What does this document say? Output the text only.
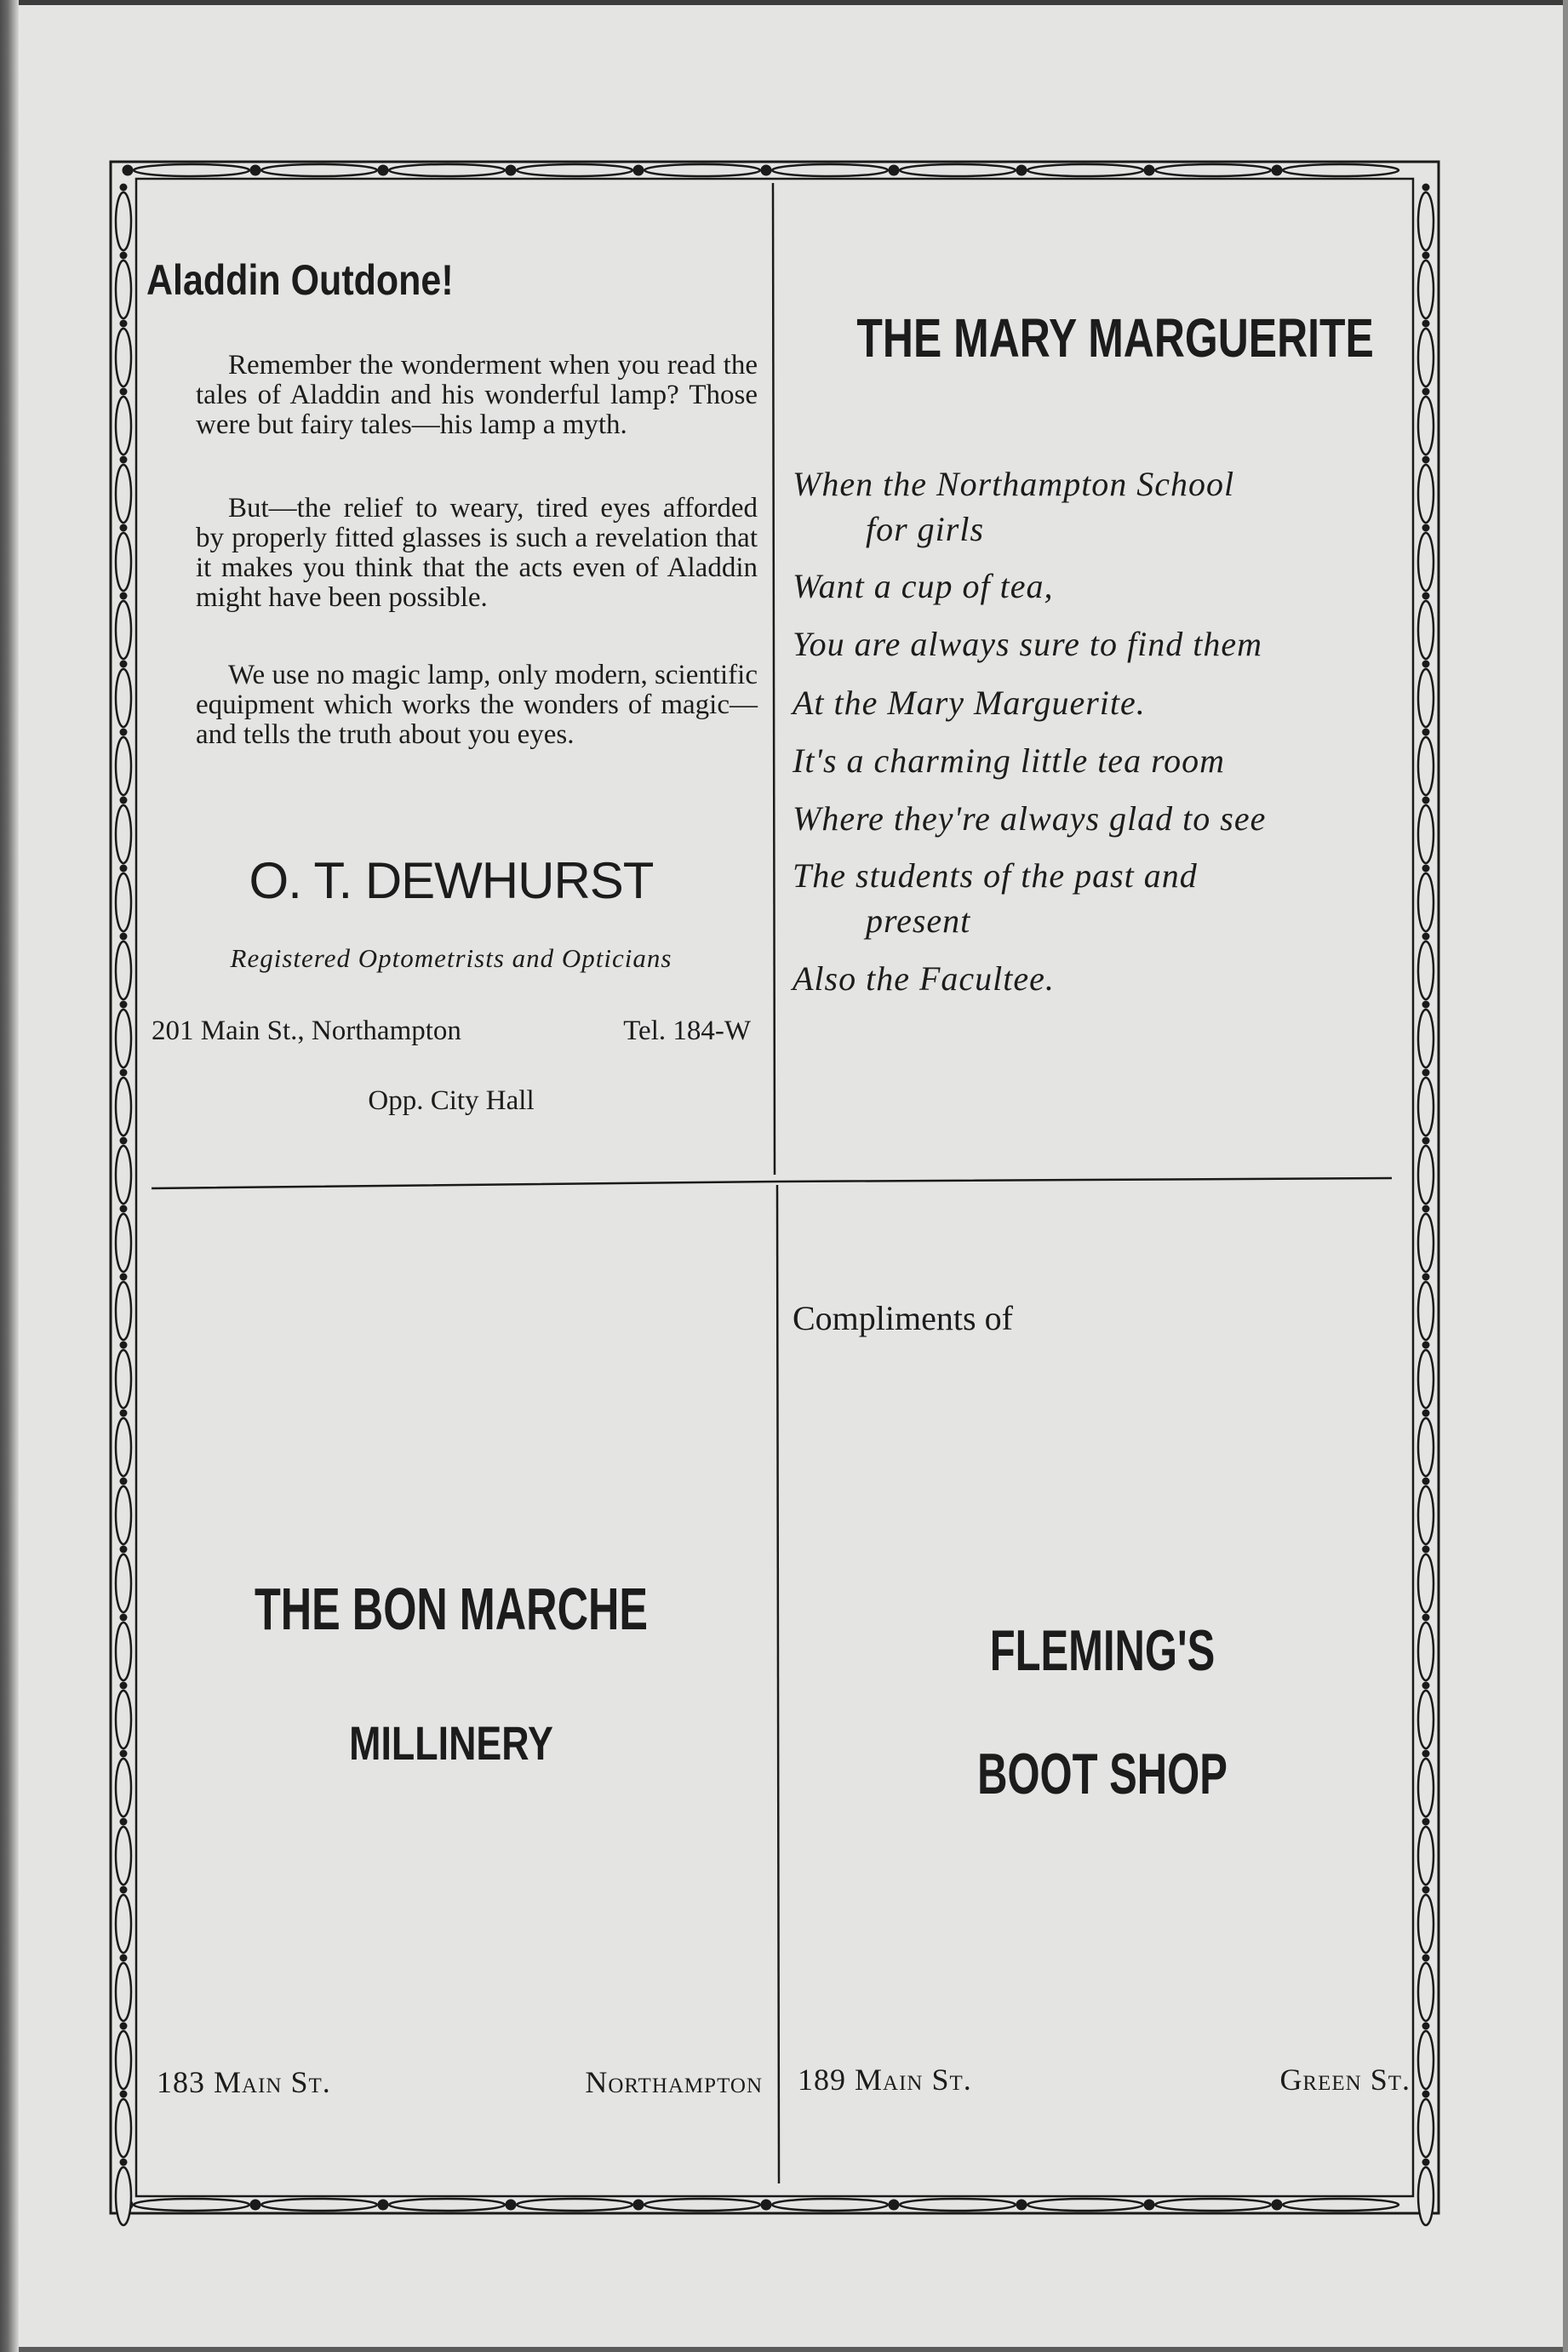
Aladdin Outdone!

Remember the wonderment when you read the tales of Aladdin and his wonderful lamp? Those were but fairy tales—his lamp a myth.

But—the relief to weary, tired eyes afforded by properly fitted glasses is such a revelation that it makes you think that the acts even of Aladdin might have been possible.

We use no magic lamp, only modern, scientific equipment which works the wonders of magic—and tells the truth about you eyes.

O. T. DEWHURST
Registered Optometrists and Opticians
201 Main St., Northampton	Tel. 184-W
Opp. City Hall
THE MARY MARGUERITE
When the Northampton School
for girls
Want a cup of tea,
You are always sure to find them
At the Mary Marguerite.
It's a charming little tea room
Where they're always glad to see
The students of the past and
present
Also the Facultee.
THE BON MARCHE
MILLINERY
183 Main St.	Northampton
Compliments of
FLEMING'S
BOOT SHOP
189 Main St.	Green St.
